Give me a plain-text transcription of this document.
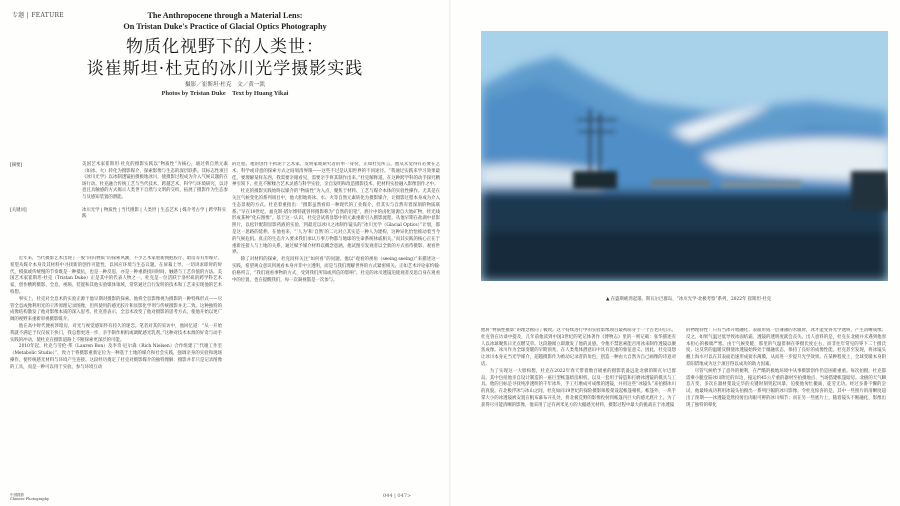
专题 | FEATURE	The Anthropocene through a Material Lens:
On Tristan Duke's Practice of Glacial Optics Photography
物质化视野下的人类世：
谈崔斯坦·杜克的冰川光学摄影实践
摄影／崔斯坦·杜克　文／黄一凯
Photos by Tristan Duke　Text by Huang Yikai
[摘要]	美国艺术家崔斯坦·杜克的摄影实践以“物质性”为核心，通过将自然元素（如冰、火）转化为摄影媒介，探索影像与生态的深层联系。其标志性项目《冰川光学》以冰制透镜拍摄极地冰川，使摄影过程成为介入气候议题的在场行动。杜克融合传统工艺与当代技术，跨越艺术、科学与环境研究，以诗意且具触感的方式揭示人类世下自然与文明的交织，拓展了摄影作为生态参与及感知装置的潜能。
[关键词]	冰川光学 | 物质性 | 当代摄影 | 人类世 | 生态艺术 | 媒介考古学 | 跨学科实践

近年来，当代摄影艺术出现了一股“回归物质”的探索风潮，不少艺术家重新拥抱胶片、暗房等有形媒介，希望从媒介本身及其材料中寻找新的创作可能性，以回应环境与生态议题。在屏幕上导、一切讲求即时的时代，模拟或传统慢的节奏既是一种抵抗，也是一种反思，亦是一种重新找回时间、触感与工艺价值的方法。美国艺术家崔斯坦·杜克（Tristan Duke）正是其中的代表人物之一。杜克是一位活跃于洛杉矶的跨学科艺术家，创作横跨摄影、全息、视频、装置和其他实验媒体领域，常常通过自行发明的技术和工艺来实现他的艺术构想。

事实上，杜克对全息术的实验正源于他早期对摄影的探索。他将全息影像视为摄影的一种特殊形式——尽管全息成像利用光的干涉原理记录图像，但所使用的感光胶片和显影化学剂与传统摄影并无二致。这种独特的成像结构激发了他对影像本质的深入思考。杜克曾表示，全息术改变了他对摄影的思考方式，使他开始以更广阔的视野来重新审视摄影媒介。

他在高中时代便初涉暗房，对光与视觉感知怀有持久的迷恋。笔者对其的采访中，他回忆道：“从一开始我就不满足于仅仅按下快门，我总想更进一步，亲手制作相机或调配感光乳剂。”这种对技术本源的好奇与动手实践的冲动，使杜克在摄影道路上不断探索更深层的可能。

2010年起，杜克与劳伦·邦（Lauren Bon）及李奇·尼尔森（Rich Nielsen）合作组建了“代谢工作室（Metabolic Studio）”，致力于将摄影重新定位为一种基于土地的媒介和社会实践，强调亲身的实验和现场操作，使传统感光材料与环境产生连接。这段经历奠定了杜克对摄影媒介的独特理解：摄影并非只是记录图像的工具，而是一种可以用于实验、参与环境互动

的过程。他的创作不拘泥于艺术家、发明家或研究者的单一身份，正如杜克所言，他从未觉得有必要在艺术、科学或诗意的探索方式之间划清界限——这些不过是认知世界的不同途径。“我通过实践来学习效果最佳，要理解某样东西，我需要亲眼看见，需要亲手将其制作出来。”杜克解释道。在这种跨学科的动手探究精神引领下，杜克不断糅合艺术灵感与科学实验，亲自发明和改造摄影技术，把材料实验融入影像创作之中。

杜克的摄影实践始终以媒介的“物质性”为入点，聚焦于材料、工艺与媒介本体的实验性操作。尤其是在关注气候变化的系列项目中，他大胆地将冰、水、火等自然元素转化为摄影媒介，让摄影过程本身成为介入生态景观的方式。杜克着重指出：“摄影虽然看似一种现代的工业媒介，但其实与自然有着深刻的物质联系。”早在19世纪，福克斯·塔尔博特就曾将摄影称为“自然的铅笔”，底片中的卤化银源自大地矿物，经光线形成某种“化石图像”。基于这一认识，杜克尝试将显影中的元素重新引入摄影流程，从他早期在盐湖中显影照片，以松针配制显影药液的实验，到最近以冰川之冰制作镜头的“冰川光学（Glacial Optics）”计划，都是这一思路的延伸。在他看来，“‘人为’和‘自然’的二元对立其实是一种人为建构，这种异化恰恰推动着当今的气候危机。真正的生态介入要求我们承认万事万物都与地球的生命系统休戚相关。”而其实践的核心正在于重新连接人与土地的关系，通过赋予媒介材料以概念意涵，他试图引发观者以全新的方式看待摄影、观看世界。

除了对材料的探索，杜克同样关注“如何看”的问题。他以“观看的视角（seeing seeing）”来描述这一实践，希望观众意识到观看本身并非中立透明，而是与我们理解世界的方式紧密相关。正如艺术评论家约翰·伯格所言，“我们观看事物的方式，受到我们所知或所信的影响”。杜克的冰川透镜迫使观者反思自身在观看中的位置，也在提醒我们，每一次凝视都是一次参与。

▲ 在盛斯峡湾起锚，斯瓦尔巴群岛，“冰川光学·北极考察”系列，2022年 崔斯坦·杜克

他将“物质性摄影”的理念推向了极致。这个持续进行中的实验影像项目最初萌芽于一个古老的启示。杜克曾在访谈中提及，几年前他读到中国3世纪的笔记体著作《博物志》里的一则记载：张华描述有人以冰球聚焦日光点燃艾草。这段趣闻立即激发了他的灵感。令他不禁思索能否用冰来制作透镜以聚焦成像。冰川作为全球变暖的早期预兆，在人类集体潜意识中具有沉重的象征意义。因此，杜克设想让冰川本身充当光学媒介，超越摄影作为被动记录者的角色，创造一种由大自然为自己画像的诗意对话。

为了实现这一大胆构想，杜克在2022年春天带着数百磅重的摄影装备远赴北极的斯瓦尔巴群岛。其中包括他亲自设计制造的一座巨型帐篷暗房相机，以及一套用于铸造和打磨冰透镜的模具与工具。他的目标是寻找纯净透明的千年冰块，手工打磨成可成像的透镜，并用这些“冰镜头”来拍摄冰川的真貌。在北极浮冰与冰山之间，杜克如同19世纪的探险摄影师般架设起帐篷相机。帐篷外，一块手掌大小的冰透镜被安置在帆布幕布开孔处，将北极荒野的影像投射到帐篷内巨大的感光底片上。为了获得尽可能清晰的影像，他采用了足有两米见方的大幅感光材料，摄影过程中最大的挑战在于冰透镜

的物理特性：只有当冰开始融化、表面形成一层薄薄的水膜时，冰才能变得光学透明，产生清晰成像；反之，如果气温过低导致冰面结霜，透镜的透明度就会丧失。出人意料的是，杜克在北极并未遇到他原本担心的极端严寒。由于气候变暖，那里的气温徘徊在零摄氏度左右，而非往年常见的零下二十摄氏度。这反常的温暖反倒使冰透镜始终处于微融状态，保持了良好的成像性能。杜克甚至发现，将冰镜头蘸上海水可以在其表面迅速形成盐水薄膜，从而进一步提升光学效果。在某种程度上，全球变暖本身阴差阳错地成为这个项目得以成功的助力因素。

尽管气候给予了意外的便利，在严酷的极地环境中从事摄影创作仍是困难重重。每次拍摄，杜克都需乘小艇登陆冰川附近的岸边，拖运约45公斤重的器材至拍摄地点，当场搭建帐篷暗房。北极的天气瞬息万变，多次在器材架设完毕的关键时刻突起风暴，迫使他匆忙撤离，徒劳无功。经过多番不懈的尝试，他最终成功利用冰镜头拍摄出一系列巨幅的冰川影像。令杜克惊喜的是，其中一些照片的清晰度超出了预期——冰透镜竟然投射出肉眼可辨的冰川细节；而在另一些底片上，随着镜头不断融化，影像出现了独特的晕化

中国摄影
Chinese Photography
044 | 047>
